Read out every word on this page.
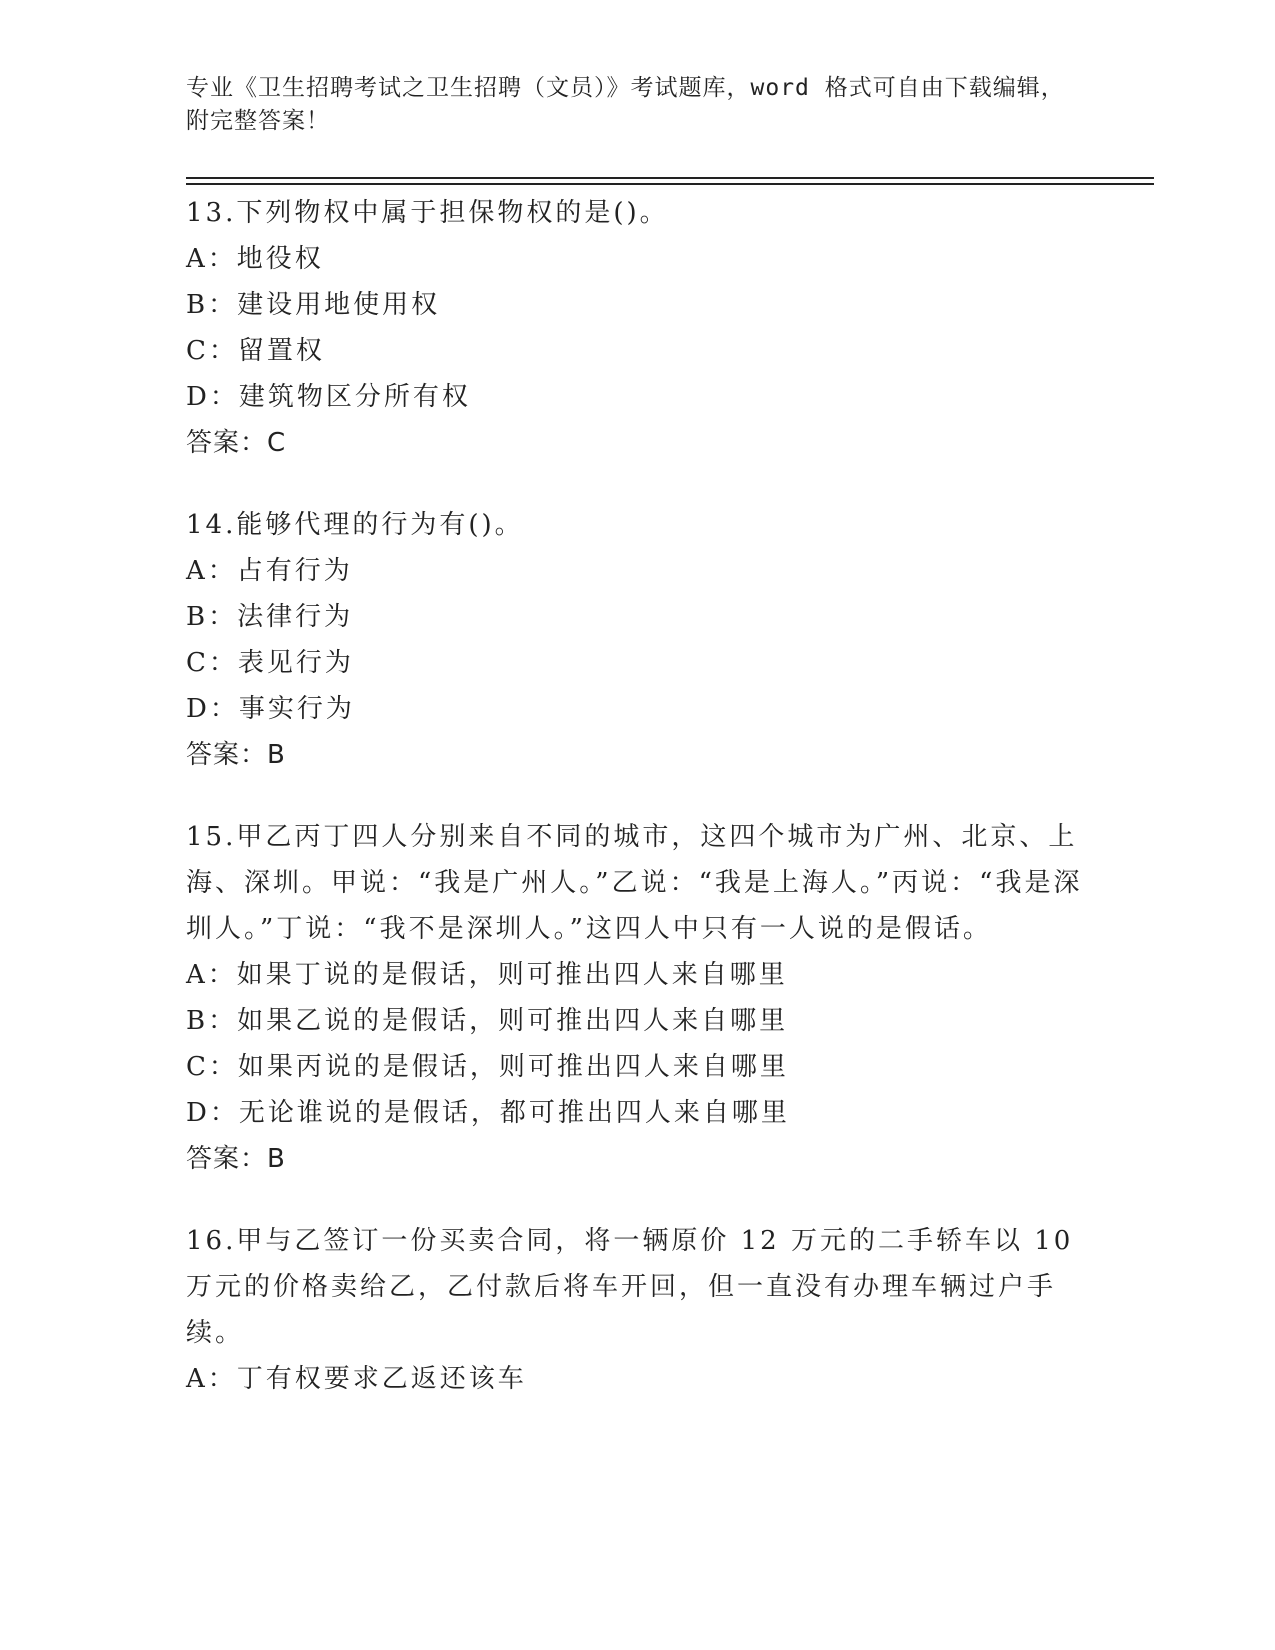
专业《卫生招聘考试之卫生招聘（文员）》考试题库，word 格式可自由下载编辑，附完整答案！
13.下列物权中属于担保物权的是()。
A：地役权
B：建设用地使用权
C：留置权
D：建筑物区分所有权
答案：C
14.能够代理的行为有()。
A：占有行为
B：法律行为
C：表见行为
D：事实行为
答案：B
15.甲乙丙丁四人分别来自不同的城市，这四个城市为广州、北京、上海、深圳。甲说：“我是广州人。”乙说：“我是上海人。”丙说：“我是深圳人。”丁说：“我不是深圳人。”这四人中只有一人说的是假话。
A：如果丁说的是假话，则可推出四人来自哪里
B：如果乙说的是假话，则可推出四人来自哪里
C：如果丙说的是假话，则可推出四人来自哪里
D：无论谁说的是假话，都可推出四人来自哪里
答案：B
16.甲与乙签订一份买卖合同，将一辆原价 12 万元的二手轿车以 10 万元的价格卖给乙，乙付款后将车开回，但一直没有办理车辆过户手续。
A：丁有权要求乙返还该车
